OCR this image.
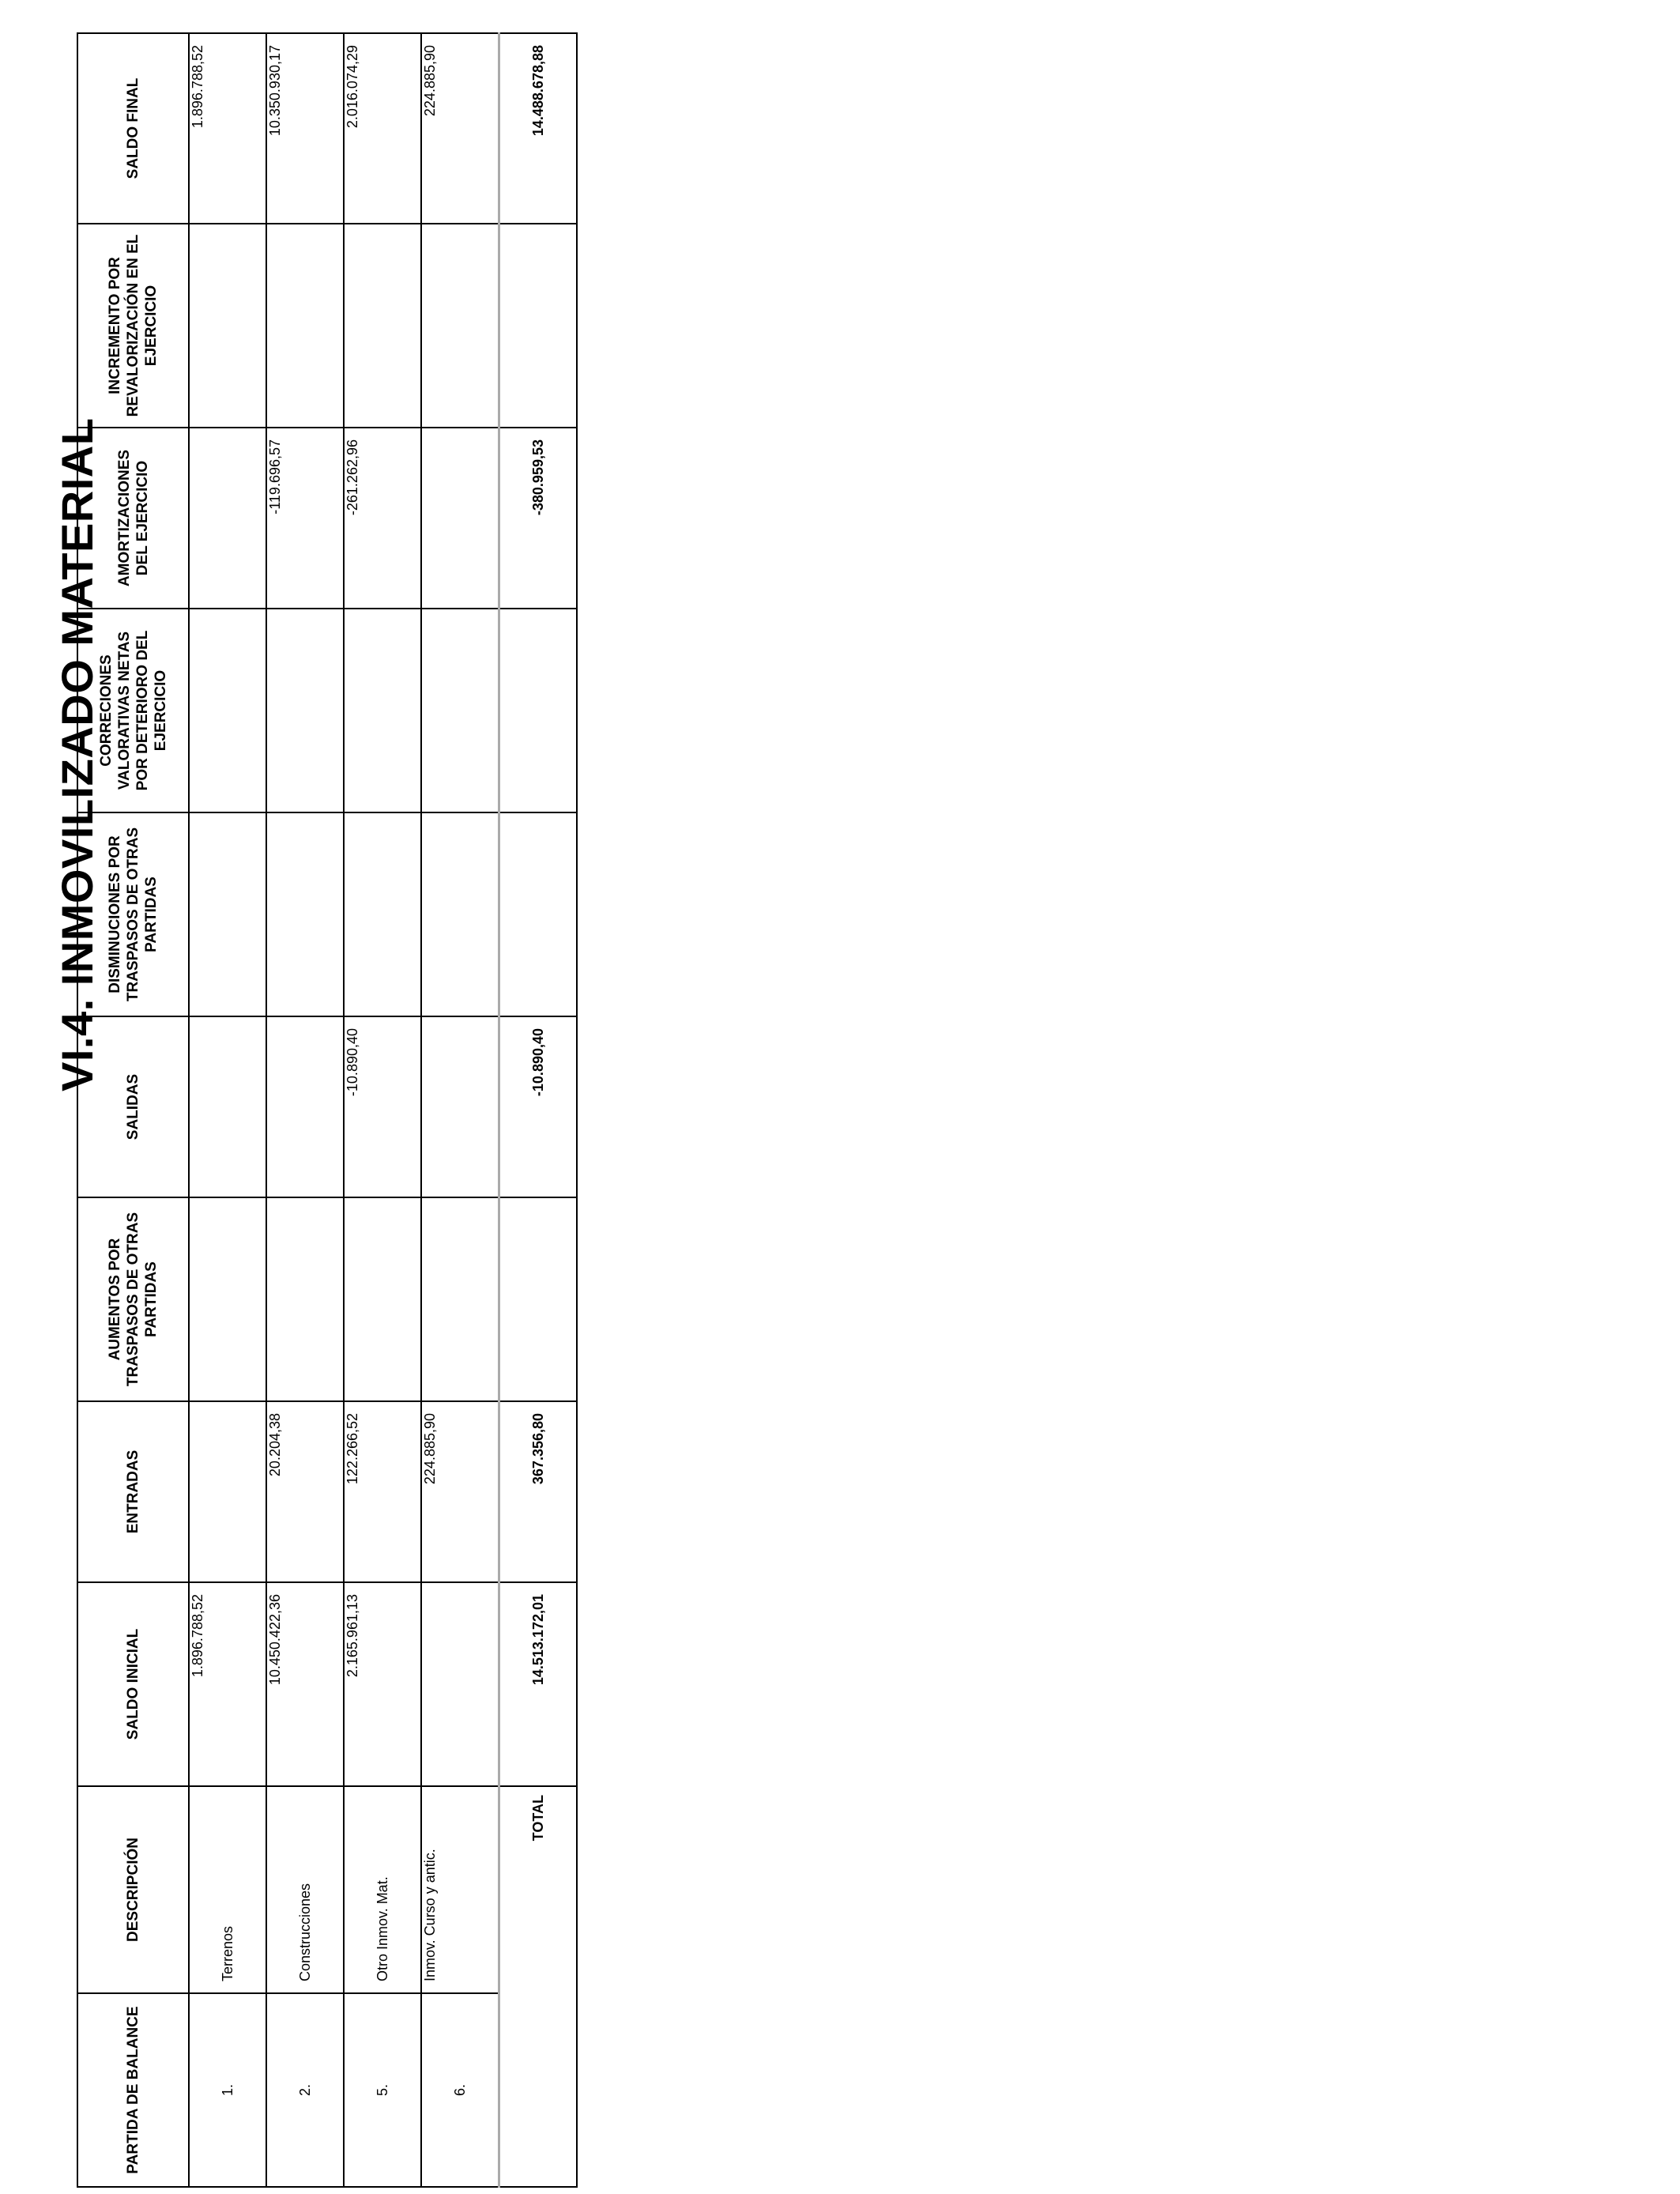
VI.4. INMOVILIZADO MATERIAL
PARTIDA DE BALANCE	DESCRIPCIÓN	SALDO INICIAL	ENTRADAS	AUMENTOS POR TRASPASOS DE OTRAS PARTIDAS	SALIDAS	DISMINUCIONES POR TRASPASOS DE OTRAS PARTIDAS	CORRECIONES VALORATIVAS NETAS POR DETERIORO DEL EJERCICIO	AMORTIZACIONES DEL EJERCICIO	INCREMENTO POR REVALORIZACIÓN EN EL EJERCICIO	SALDO FINAL
1.	Terrenos	1.896.788,52								1.896.788,52
2.	Construcciones	10.450.422,36	20.204,38					-119.696,57		10.350.930,17
5.	Otro Inmov. Mat.	2.165.961,13	122.266,52		-10.890,40			-261.262,96		2.016.074,29
6.	Inmov. Curso y antic.		224.885,90							224.885,90
	TOTAL	14.513.172,01	367.356,80		-10.890,40			-380.959,53		14.488.678,88
